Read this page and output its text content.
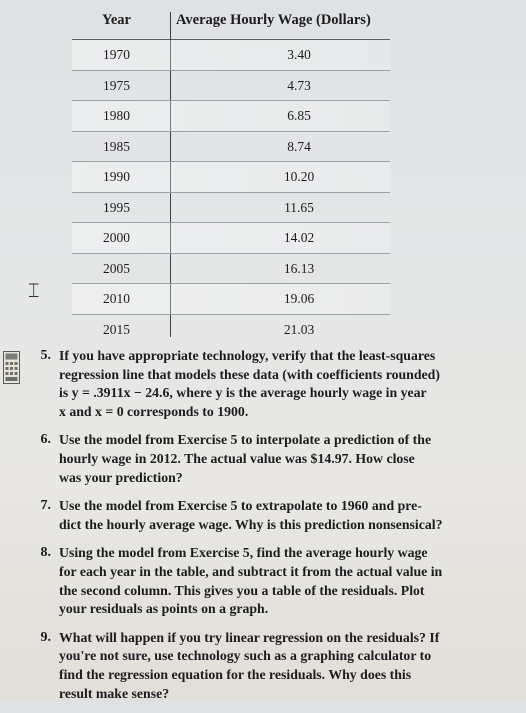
Year	Average Hourly Wage (Dollars)
1970	3.40
1975	4.73
1980	6.85
1985	8.74
1990	10.20
1995	11.65
2000	14.02
2005	16.13
2010	19.06
2015	21.03
⌶
5. If you have appropriate technology, verify that the least-squares
regression line that models these data (with coefficients rounded)
is y = .3911x − 24.6, where y is the average hourly wage in year
x and x = 0 corresponds to 1900.
6. Use the model from Exercise 5 to interpolate a prediction of the
hourly wage in 2012. The actual value was $14.97. How close
was your prediction?
7. Use the model from Exercise 5 to extrapolate to 1960 and pre-
dict the hourly average wage. Why is this prediction nonsensical?
8. Using the model from Exercise 5, find the average hourly wage
for each year in the table, and subtract it from the actual value in
the second column. This gives you a table of the residuals. Plot
your residuals as points on a graph.
9. What will happen if you try linear regression on the residuals? If
you're not sure, use technology such as a graphing calculator to
find the regression equation for the residuals. Why does this
result make sense?
